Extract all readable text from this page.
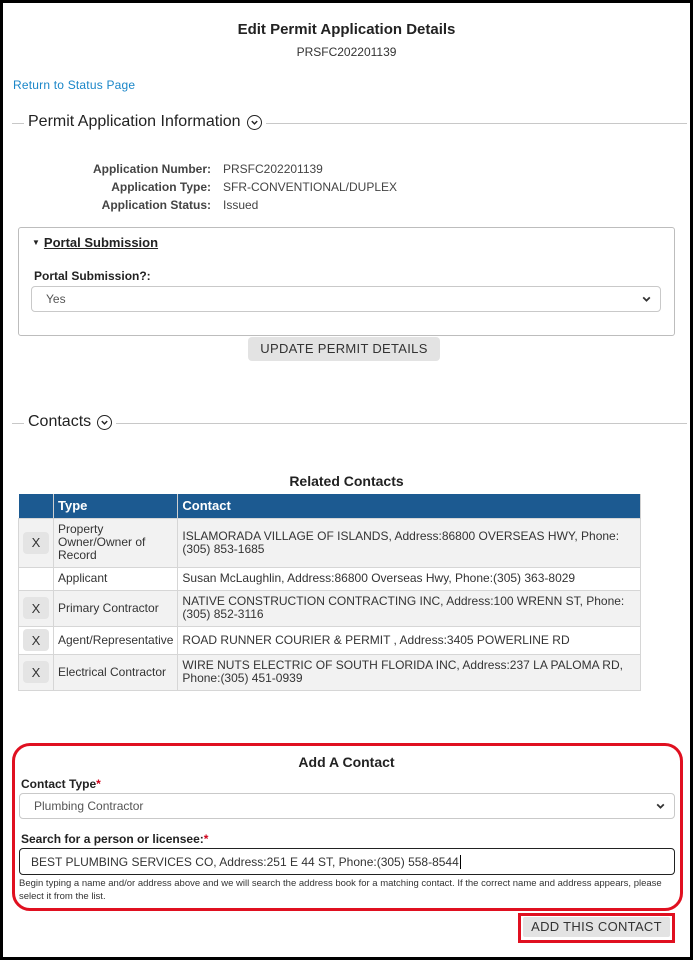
Edit Permit Application Details
PRSFC202201139
Return to Status Page
Permit Application Information
Application Number:	PRSFC202201139
Application Type:	SFR-CONVENTIONAL/DUPLEX
Application Status:	Issued
▼ Portal Submission
Portal Submission?:
Yes
UPDATE PERMIT DETAILS
Contacts
Related Contacts
	Type	Contact

X	Property Owner/Owner of Record	ISLAMORADA VILLAGE OF ISLANDS, Address:86800 OVERSEAS HWY, Phone:(305) 853-1685
	Applicant	Susan McLaughlin, Address:86800 Overseas Hwy, Phone:(305) 363-8029

X	Primary Contractor	NATIVE CONSTRUCTION CONTRACTING INC, Address:100 WRENN ST, Phone:(305) 852-3116

X	Agent/Representative	ROAD RUNNER COURIER & PERMIT , Address:3405 POWERLINE RD

X	Electrical Contractor	WIRE NUTS ELECTRIC OF SOUTH FLORIDA INC, Address:237 LA PALOMA RD, Phone:(305) 451-0939
Add A Contact
Contact Type*
Plumbing Contractor
Search for a person or licensee:*
BEST PLUMBING SERVICES CO, Address:251 E 44 ST, Phone:(305) 558-8544
Begin typing a name and/or address above and we will search the address book for a matching contact. If the correct name and address appears, please select it from the list.
ADD THIS CONTACT
